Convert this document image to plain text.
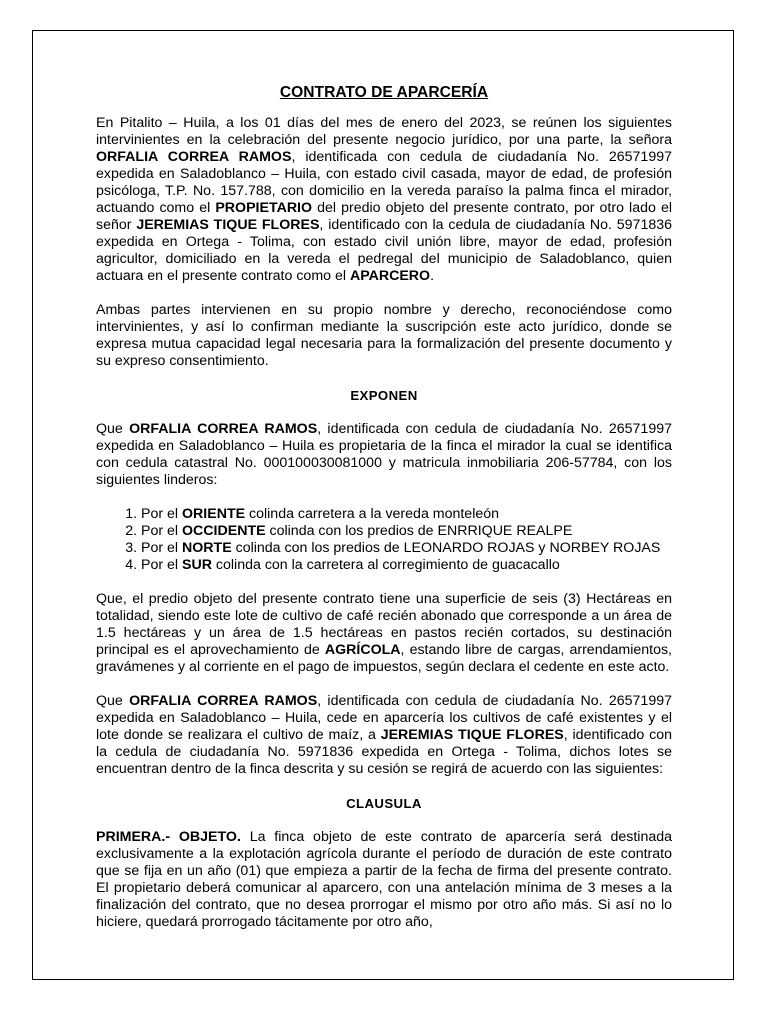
CONTRATO DE APARCERÍA

En Pitalito – Huila, a los 01 días del mes de enero del 2023, se reúnen los siguientes intervinientes en la celebración del presente negocio jurídico, por una parte, la señora ORFALIA CORREA RAMOS, identificada con cedula de ciudadanía No. 26571997 expedida en Saladoblanco – Huila, con estado civil casada, mayor de edad, de profesión psicóloga, T.P. No. 157.788, con domicilio en la vereda paraíso la palma finca el mirador, actuando como el PROPIETARIO del predio objeto del presente contrato, por otro lado el señor JEREMIAS TIQUE FLORES, identificado con la cedula de ciudadanía No. 5971836 expedida en Ortega - Tolima, con estado civil unión libre, mayor de edad, profesión agricultor, domiciliado en la vereda el pedregal del municipio de Saladoblanco, quien actuara en el presente contrato como el APARCERO.

Ambas partes intervienen en su propio nombre y derecho, reconociéndose como intervinientes, y así lo confirman mediante la suscripción este acto jurídico, donde se expresa mutua capacidad legal necesaria para la formalización del presente documento y su expreso consentimiento.

EXPONEN

Que ORFALIA CORREA RAMOS, identificada con cedula de ciudadanía No. 26571997 expedida en Saladoblanco – Huila es propietaria de la finca el mirador la cual se identifica con cedula catastral No. 000100030081000 y matricula inmobiliaria 206-57784, con los siguientes linderos:

1. Por el ORIENTE colinda carretera a la vereda monteleón
2. Por el OCCIDENTE colinda con los predios de ENRRIQUE REALPE
3. Por el NORTE colinda con los predios de LEONARDO ROJAS y NORBEY ROJAS
4. Por el SUR colinda con la carretera al corregimiento de guacacallo

Que, el predio objeto del presente contrato tiene una superficie de seis (3) Hectáreas en totalidad, siendo este lote de cultivo de café recién abonado que corresponde a un área de 1.5 hectáreas y un área de 1.5 hectáreas en pastos recién cortados, su destinación principal es el aprovechamiento de AGRÍCOLA, estando libre de cargas, arrendamientos, gravámenes y al corriente en el pago de impuestos, según declara el cedente en este acto.

Que ORFALIA CORREA RAMOS, identificada con cedula de ciudadanía No. 26571997 expedida en Saladoblanco – Huila, cede en aparcería los cultivos de café existentes y el lote donde se realizara el cultivo de maíz, a JEREMIAS TIQUE FLORES, identificado con la cedula de ciudadanía No. 5971836 expedida en Ortega - Tolima, dichos lotes se encuentran dentro de la finca descrita y su cesión se regirá de acuerdo con las siguientes:

CLAUSULA

PRIMERA.- OBJETO. La finca objeto de este contrato de aparcería será destinada exclusivamente a la explotación agrícola durante el período de duración de este contrato que se fija en un año (01) que empieza a partir de la fecha de firma del presente contrato. El propietario deberá comunicar al aparcero, con una antelación mínima de 3 meses a la finalización del contrato, que no desea prorrogar el mismo por otro año más. Si así no lo hiciere, quedará prorrogado tácitamente por otro año,
